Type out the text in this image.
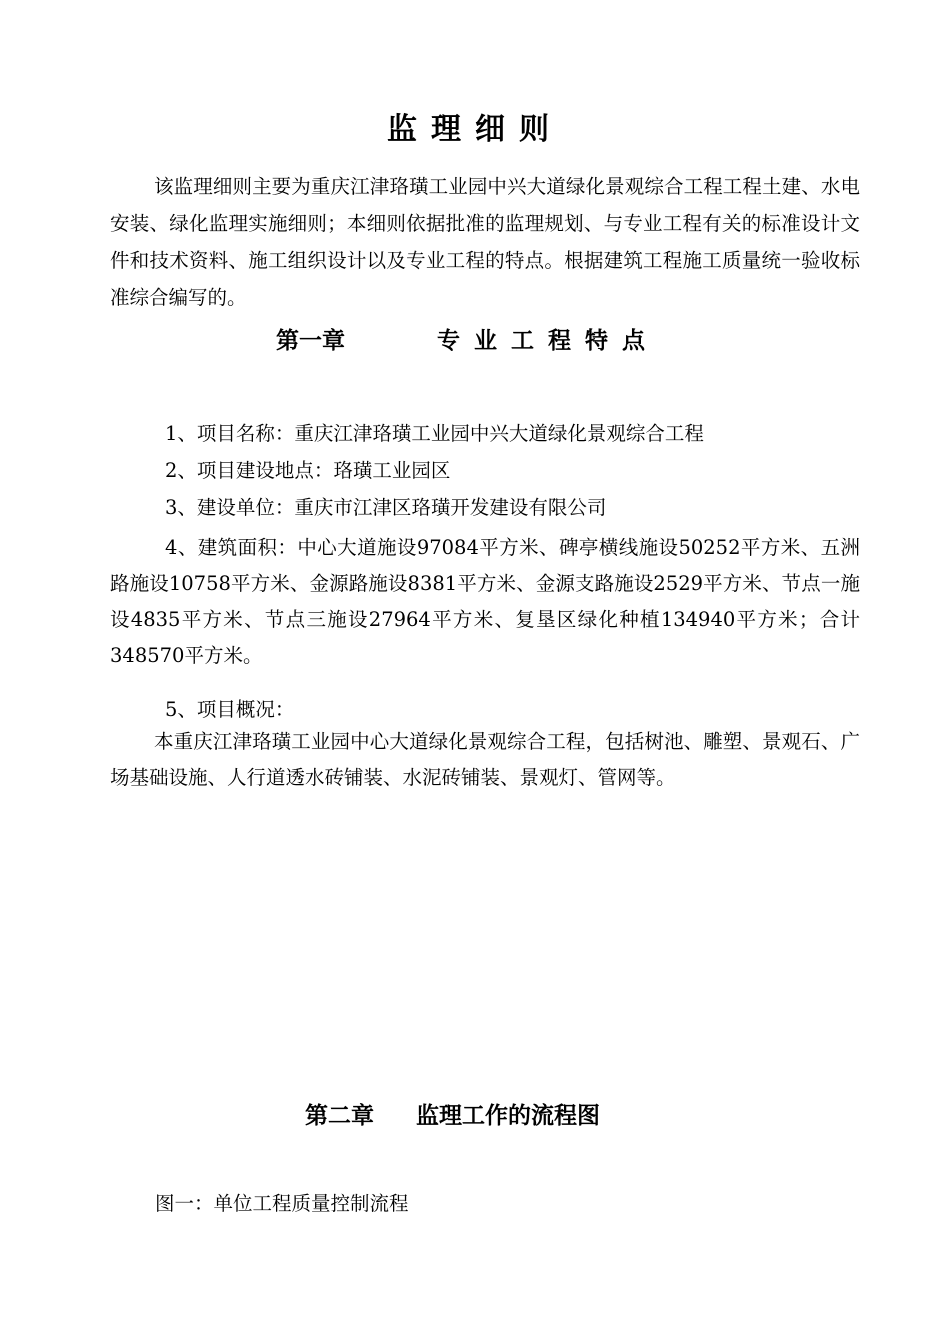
监理细则

该监理细则主要为重庆江津珞璜工业园中兴大道绿化景观综合工程工程土建、水电安装、绿化监理实施细则；本细则依据批准的监理规划、与专业工程有关的标准设计文件和技术资料、施工组织设计以及专业工程的特点。根据建筑工程施工质量统一验收标准综合编写的。

第一章	专业工程特点

1、项目名称：重庆江津珞璜工业园中兴大道绿化景观综合工程

2、项目建设地点：珞璜工业园区

3、建设单位：重庆市江津区珞璜开发建设有限公司

4、建筑面积：中心大道施设97084平方米、碑亭横线施设50252平方米、五洲路施设10758平方米、金源路施设8381平方米、金源支路施设2529平方米、节点一施设4835平方米、节点三施设27964平方米、复垦区绿化种植134940平方米；合计348570平方米。

5、项目概况：

本重庆江津珞璜工业园中心大道绿化景观综合工程，包括树池、雕塑、景观石、广场基础设施、人行道透水砖铺装、水泥砖铺装、景观灯、管网等。

第二章 监理工作的流程图

图一：单位工程质量控制流程
